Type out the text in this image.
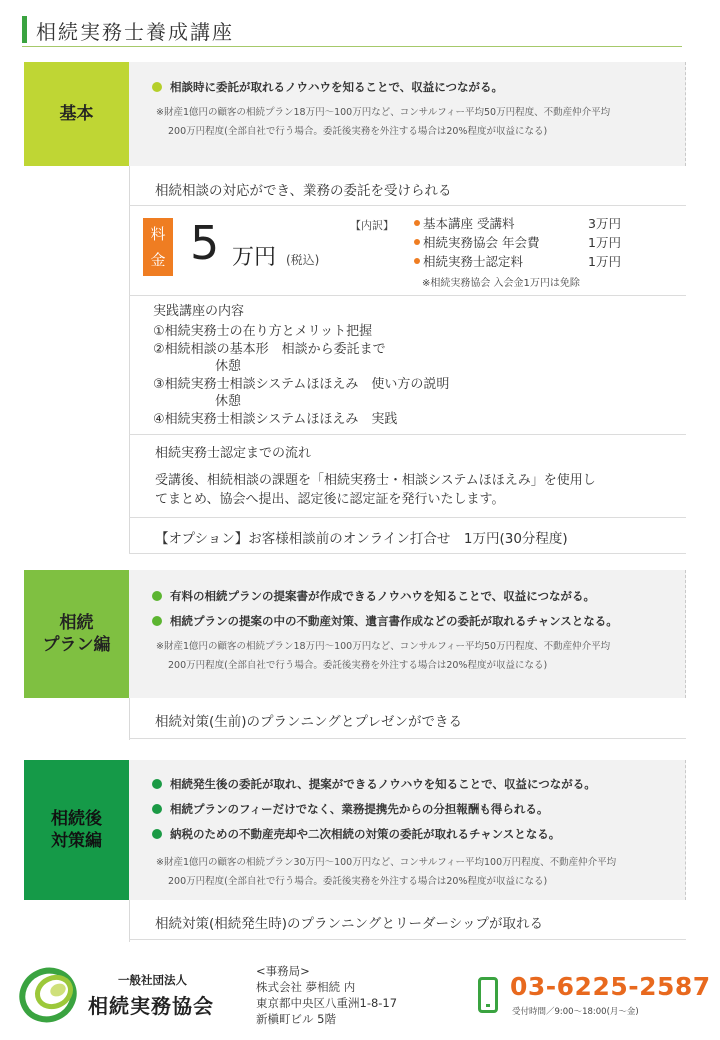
相続実務士養成講座
基本
相談時に委託が取れるノウハウを知ることで、収益につながる。
※財産1億円の顧客の相続プラン18万円～100万円など、コンサルフィー平均50万円程度、不動産仲介平均
200万円程度(全部自社で行う場合。委託後実務を外注する場合は20%程度が収益になる)
相続相談の対応ができ、業務の委託を受けられる
料
金 5 万円 (税込)
【内訳】	基本講座 受講料	3万円
相続実務協会 年会費	1万円
相続実務士認定料	1万円
※相続実務協会 入会金1万円は免除
実践講座の内容
①相続実務士の在り方とメリット把握
②相続相談の基本形　相談から委託まで
休憩
③相続実務士相談システムほほえみ　使い方の説明
休憩
④相続実務士相談システムほほえみ　実践
相続実務士認定までの流れ
受講後、相続相談の課題を「相続実務士・相談システムほほえみ」を使用し
てまとめ、協会へ提出、認定後に認定証を発行いたします。
【オプション】お客様相談前のオンライン打合せ　1万円(30分程度)
相続
プラン編
有料の相続プランの提案書が作成できるノウハウを知ることで、収益につながる。
相続プランの提案の中の不動産対策、遺言書作成などの委託が取れるチャンスとなる。
※財産1億円の顧客の相続プラン18万円～100万円など、コンサルフィー平均50万円程度、不動産仲介平均
200万円程度(全部自社で行う場合。委託後実務を外注する場合は20%程度が収益になる)
相続対策(生前)のプランニングとプレゼンができる
相続後
対策編
相続発生後の委託が取れ、提案ができるノウハウを知ることで、収益につながる。
相続プランのフィーだけでなく、業務提携先からの分担報酬も得られる。
納税のための不動産売却や二次相続の対策の委託が取れるチャンスとなる。
※財産1億円の顧客の相続プラン30万円～100万円など、コンサルフィー平均100万円程度、不動産仲介平均
200万円程度(全部自社で行う場合。委託後実務を外注する場合は20%程度が収益になる)
相続対策(相続発生時)のプランニングとリーダーシップが取れる
一般社団法人
相続実務協会
<事務局>
株式会社 夢相続 内
東京都中央区八重洲1-8-17
新槇町ビル 5階
03-6225-2587
受付時間／9:00～18:00(月～金)
